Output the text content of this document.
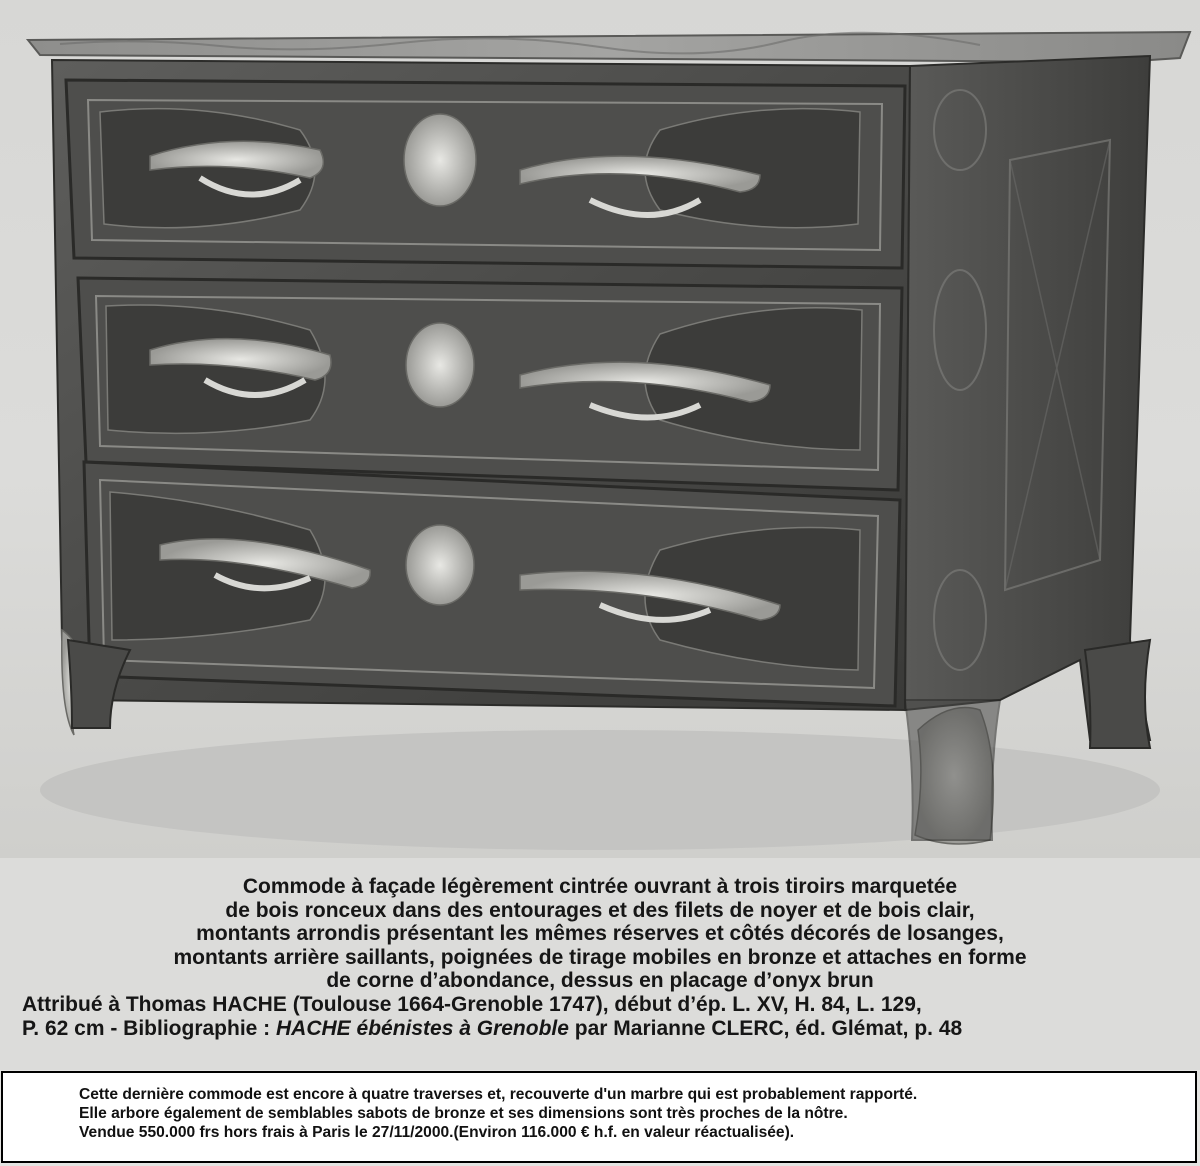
Commode à façade légèrement cintrée ouvrant à trois tiroirs marquetée
de bois ronceux dans des entourages et des filets de noyer et de bois clair,
montants arrondis présentant les mêmes réserves et côtés décorés de losanges,
montants arrière saillants, poignées de tirage mobiles en bronze et attaches en forme
de corne d’abondance, dessus en placage d’onyx brun
Attribué à Thomas HACHE (Toulouse 1664-Grenoble 1747), début d’ép. L. XV, H. 84, L. 129,
P. 62 cm - Bibliographie : HACHE ébénistes à Grenoble par Marianne CLERC, éd. Glémat, p. 48
Cette dernière commode est encore à quatre traverses et, recouverte d'un marbre qui est probablement rapporté.
Elle arbore également de semblables sabots de bronze et ses dimensions sont très proches de la nôtre.
Vendue 550.000 frs hors frais à Paris le 27/11/2000.(Environ 116.000 € h.f. en valeur réactualisée).
